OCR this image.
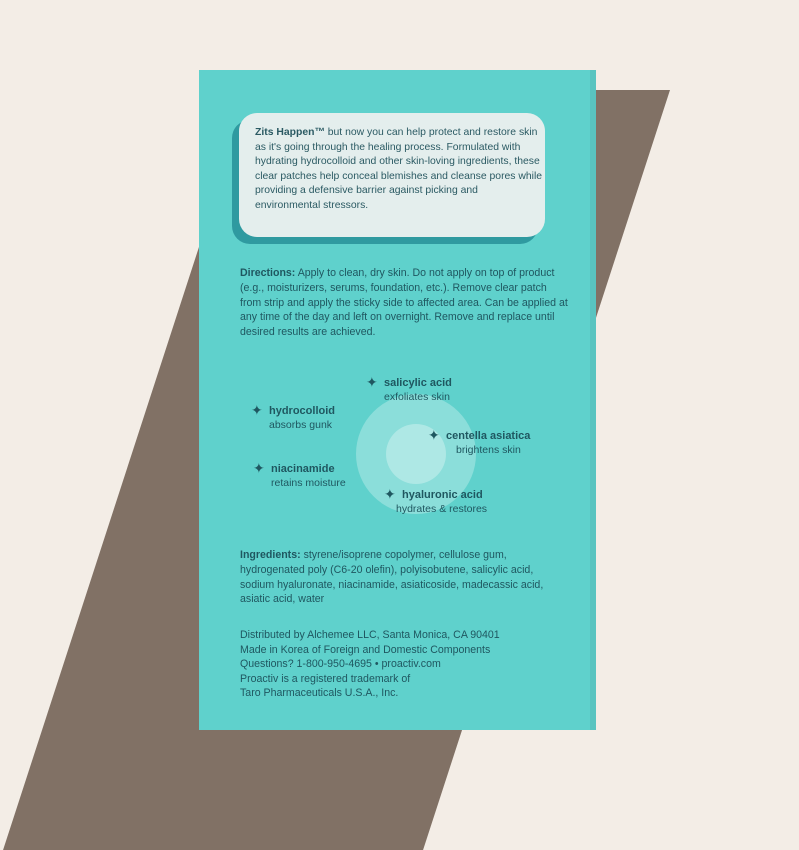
Zits Happen™ but now you can help protect and restore skin as it's going through the healing process. Formulated with hydrating hydrocolloid and other skin-loving ingredients, these clear patches help conceal blemishes and cleanse pores while providing a defensive barrier against picking and environmental stressors.
Directions: Apply to clean, dry skin. Do not apply on top of product (e.g., moisturizers, serums, foundation, etc.). Remove clear patch from strip and apply the sticky side to affected area. Can be applied at any time of the day and left on overnight. Remove and replace until desired results are achieved.
✦ salicylic acid
exfoliates skin
✦ hydrocolloid
absorbs gunk
✦ centella asiatica
brightens skin
✦ niacinamide
retains moisture
✦ hyaluronic acid
hydrates & restores
Ingredients: styrene/isoprene copolymer, cellulose gum, hydrogenated poly (C6-20 olefin), polyisobutene, salicylic acid, sodium hyaluronate, niacinamide, asiaticoside, madecassic acid, asiatic acid, water
Distributed by Alchemee LLC, Santa Monica, CA 90401
Made in Korea of Foreign and Domestic Components
Questions? 1-800-950-4695 • proactiv.com
Proactiv is a registered trademark of
Taro Pharmaceuticals U.S.A., Inc.
